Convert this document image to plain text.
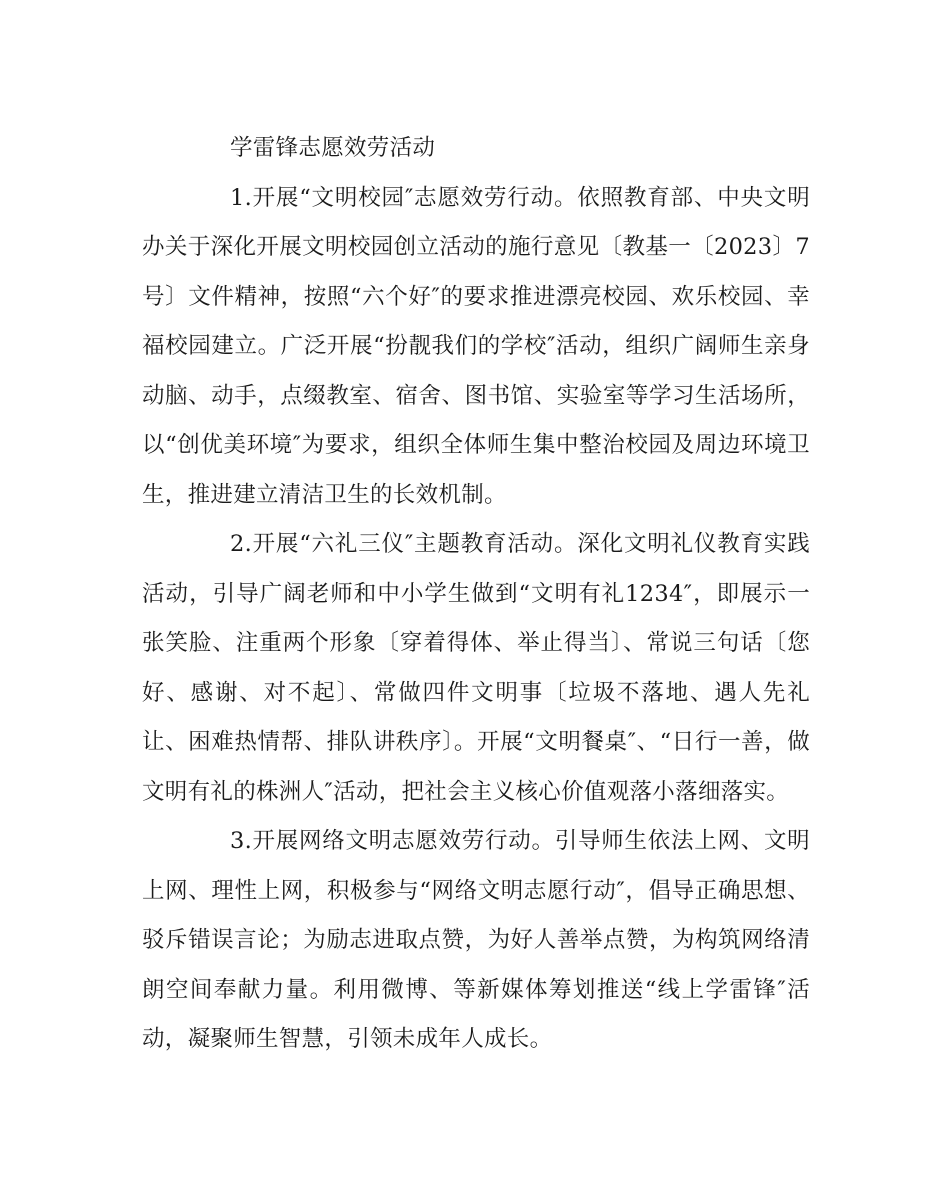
学雷锋志愿效劳活动

1.开展“文明校园″志愿效劳行动。依照教育部、中央文明办关于深化开展文明校园创立活动的施行意见〔教基一〔2023〕7号〕文件精神，按照“六个好″的要求推进漂亮校园、欢乐校园、幸福校园建立。广泛开展“扮靓我们的学校″活动，组织广阔师生亲身动脑、动手，点缀教室、宿舍、图书馆、实验室等学习生活场所，以“创优美环境″为要求，组织全体师生集中整治校园及周边环境卫生，推进建立清洁卫生的长效机制。

2.开展“六礼三仪″主题教育活动。深化文明礼仪教育实践活动，引导广阔老师和中小学生做到“文明有礼1234″，即展示一张笑脸、注重两个形象〔穿着得体、举止得当〕、常说三句话〔您好、感谢、对不起〕、常做四件文明事〔垃圾不落地、遇人先礼让、困难热情帮、排队讲秩序〕。开展“文明餐桌″、“日行一善，做文明有礼的株洲人″活动，把社会主义核心价值观落小落细落实。

3.开展网络文明志愿效劳行动。引导师生依法上网、文明上网、理性上网，积极参与“网络文明志愿行动″，倡导正确思想、驳斥错误言论；为励志进取点赞，为好人善举点赞，为构筑网络清朗空间奉献力量。利用微博、等新媒体筹划推送“线上学雷锋″活动，凝聚师生智慧，引领未成年人成长。
